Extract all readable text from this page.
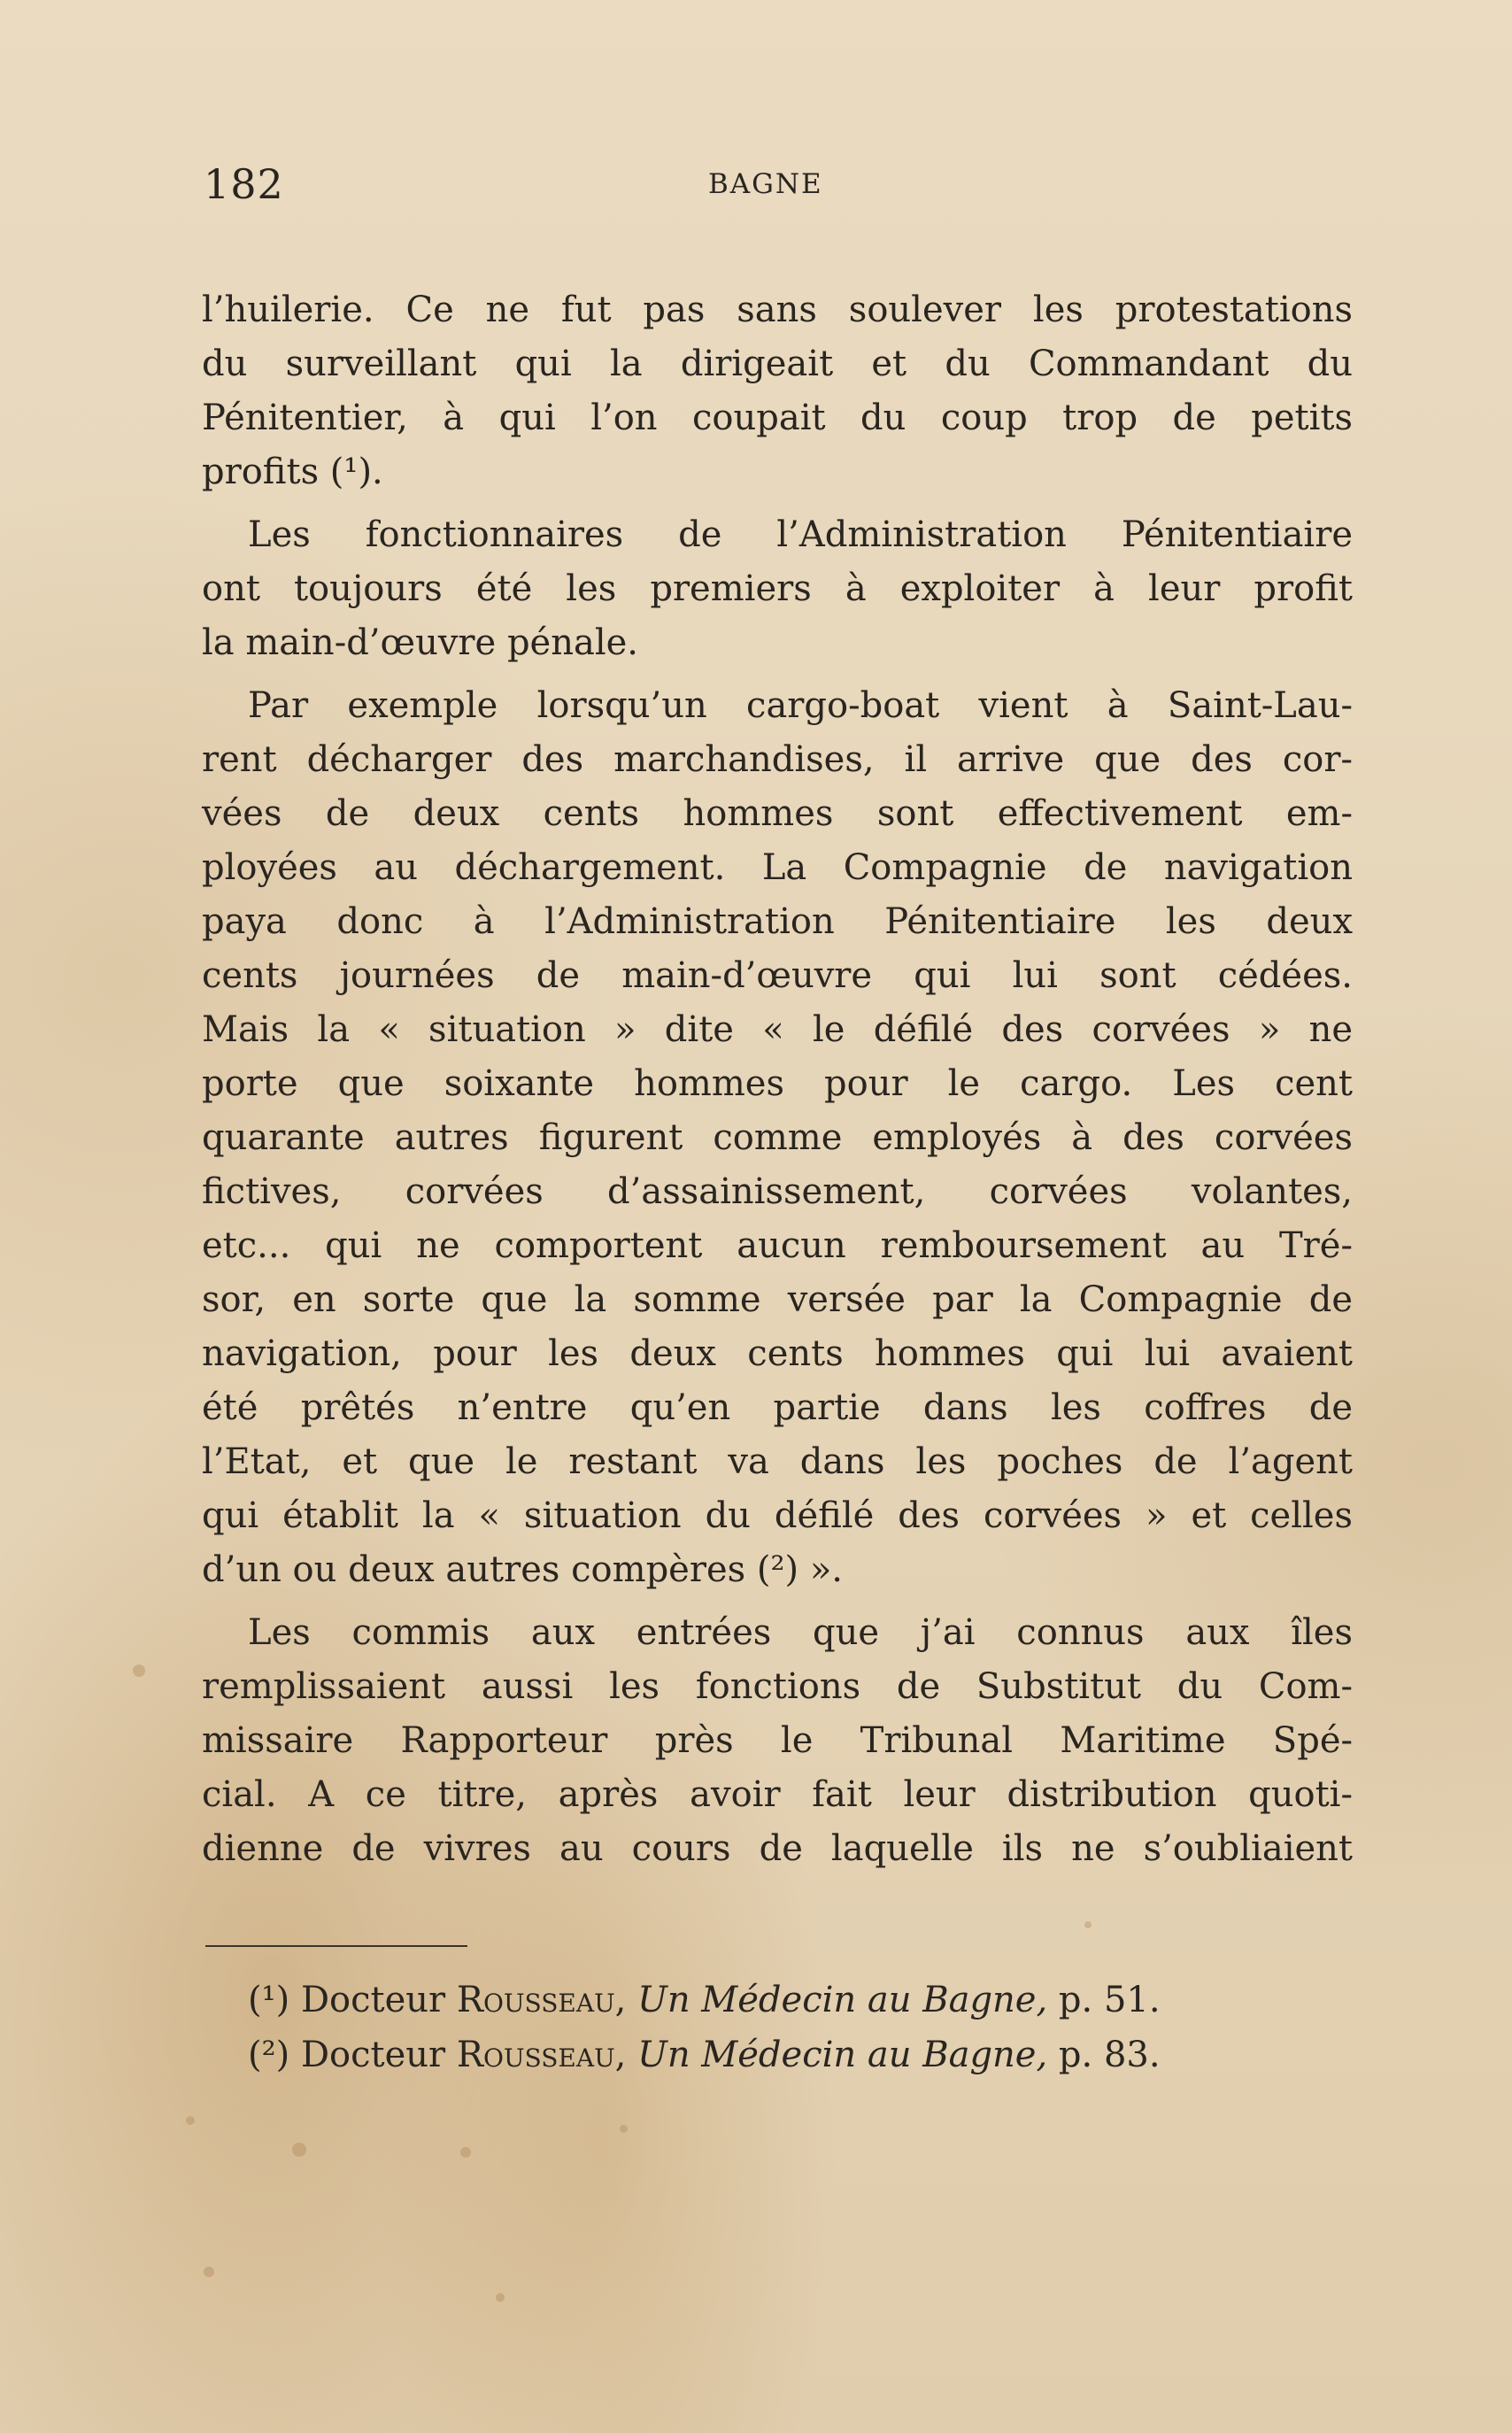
182	BAGNE
l’huilerie. Ce ne fut pas sans soulever les protestations
du surveillant qui la dirigeait et du Commandant du
Pénitentier, à qui l’on coupait du coup trop de petits
profits (¹).
Les fonctionnaires de l’Administration Pénitentiaire
ont toujours été les premiers à exploiter à leur profit
la main-d’œuvre pénale.
Par exemple lorsqu’un cargo-boat vient à Saint-Lau-
rent décharger des marchandises, il arrive que des cor-
vées de deux cents hommes sont effectivement em-
ployées au déchargement. La Compagnie de navigation
paya donc à l’Administration Pénitentiaire les deux
cents journées de main-d’œuvre qui lui sont cédées.
Mais la « situation » dite « le défilé des corvées » ne
porte que soixante hommes pour le cargo. Les cent
quarante autres figurent comme employés à des corvées
fictives, corvées d’assainissement, corvées volantes,
etc... qui ne comportent aucun remboursement au Tré-
sor, en sorte que la somme versée par la Compagnie de
navigation, pour les deux cents hommes qui lui avaient
été prêtés n’entre qu’en partie dans les coffres de
l’Etat, et que le restant va dans les poches de l’agent
qui établit la « situation du défilé des corvées » et celles
d’un ou deux autres compères (²) ».
Les commis aux entrées que j’ai connus aux îles
remplissaient aussi les fonctions de Substitut du Com-
missaire Rapporteur près le Tribunal Maritime Spé-
cial. A ce titre, après avoir fait leur distribution quoti-
dienne de vivres au cours de laquelle ils ne s’oubliaient
(¹) Docteur Rousseau, Un Médecin au Bagne, p. 51.
(²) Docteur Rousseau, Un Médecin au Bagne, p. 83.
